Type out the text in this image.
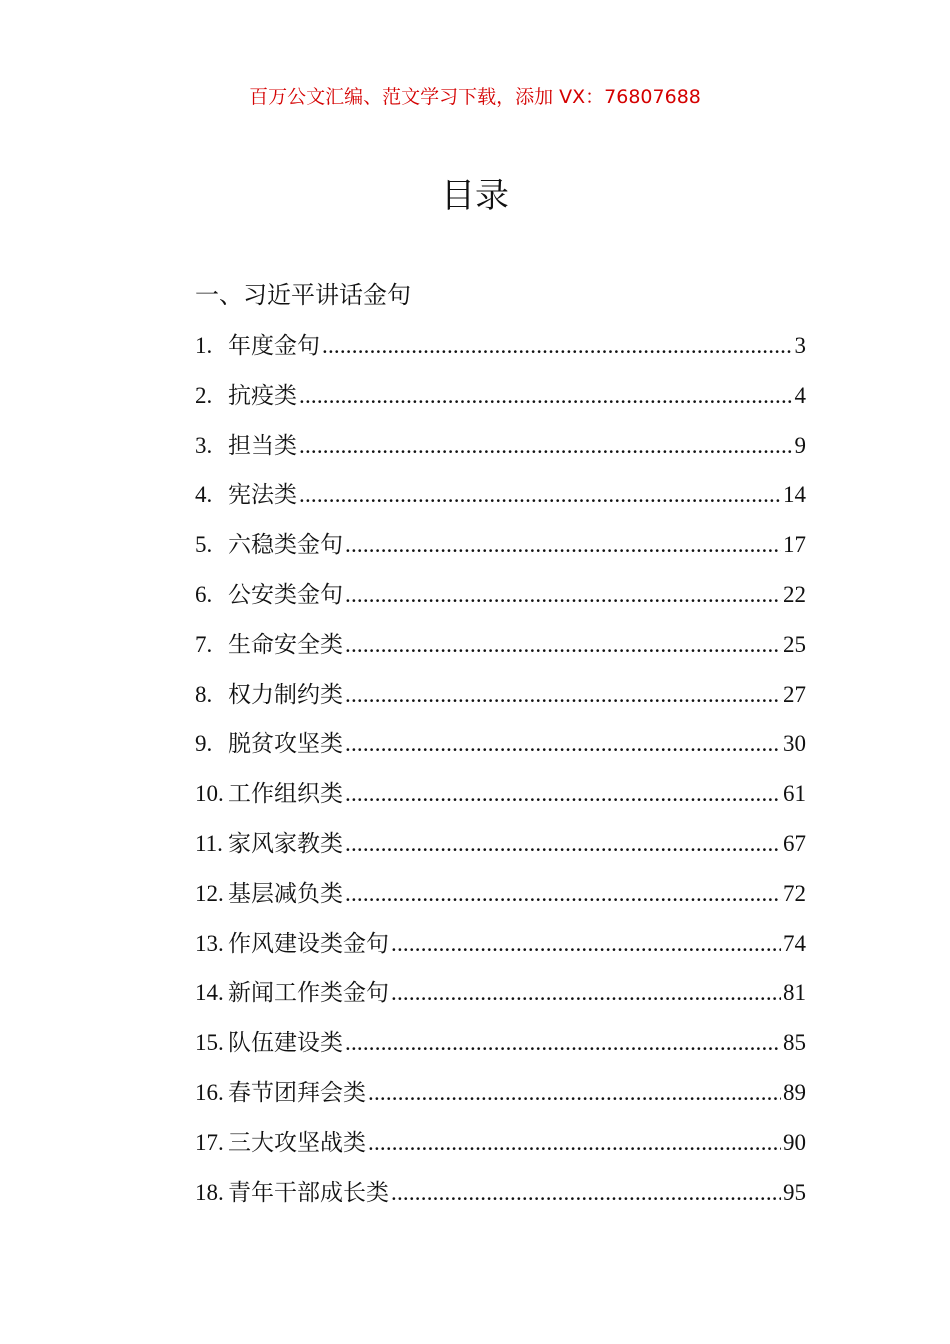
百万公文汇编、范文学习下载，添加 VX：76807688
目录
一、习近平讲话金句
1. 年度金句 .....	3
2. 抗疫类 .....	4
3. 担当类 .....	9
4. 宪法类 .....	14
5. 六稳类金句 .....	17
6. 公安类金句 .....	22
7. 生命安全类 .....	25
8. 权力制约类 .....	27
9. 脱贫攻坚类 .....	30
10. 工作组织类 .....	61
11. 家风家教类 .....	67
12. 基层减负类 .....	72
13. 作风建设类金句 .....	74
14. 新闻工作类金句 .....	81
15. 队伍建设类 .....	85
16. 春节团拜会类 .....	89
17. 三大攻坚战类 .....	90
18. 青年干部成长类 .....	95
